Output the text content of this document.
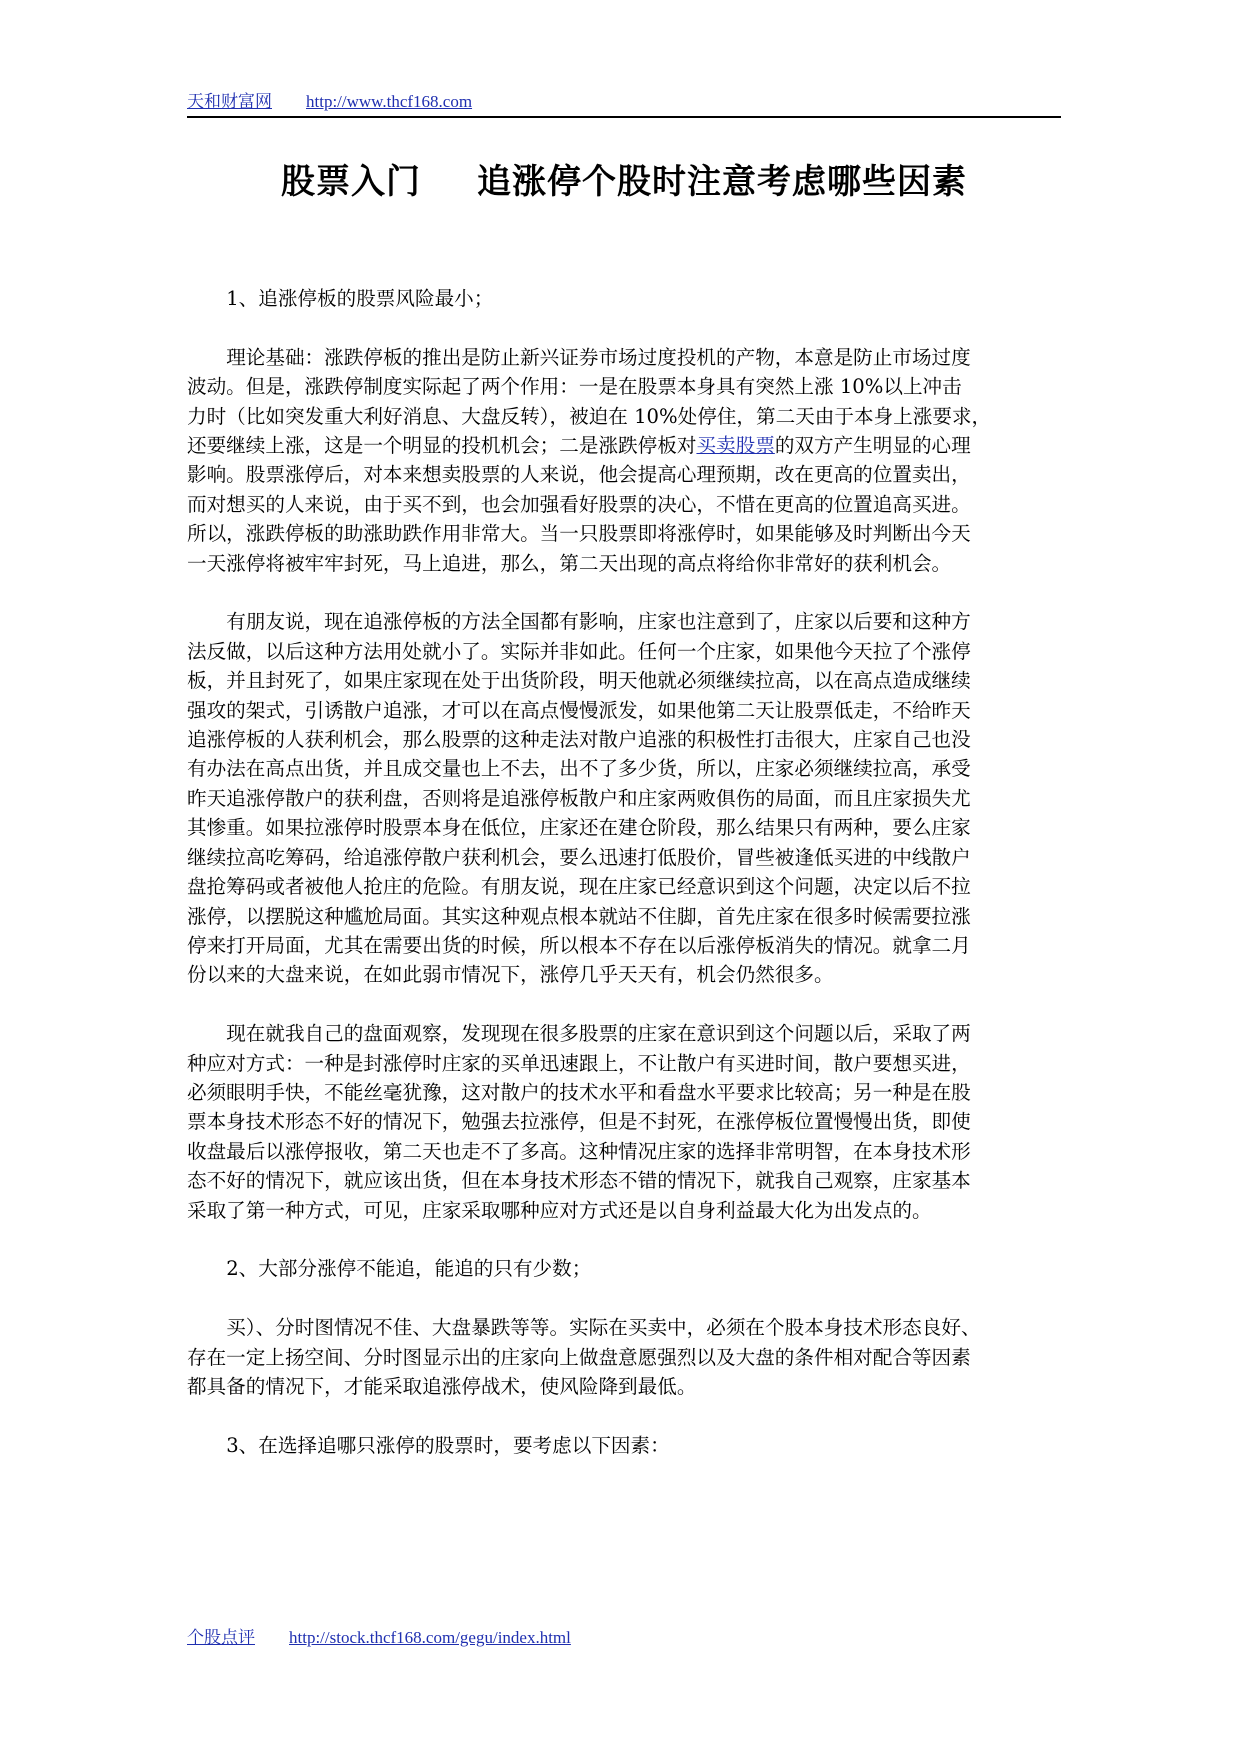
天和财富网 http://www.thcf168.com
股票入门 追涨停个股时注意考虑哪些因素

1、追涨停板的股票风险最小；

理论基础：涨跌停板的推出是防止新兴证券市场过度投机的产物，本意是防止市场过度
波动。但是，涨跌停制度实际起了两个作用：一是在股票本身具有突然上涨 10%以上冲击
力时（比如突发重大利好消息、大盘反转），被迫在 10%处停住，第二天由于本身上涨要求，
还要继续上涨，这是一个明显的投机机会；二是涨跌停板对买卖股票的双方产生明显的心理
影响。股票涨停后，对本来想卖股票的人来说，他会提高心理预期，改在更高的位置卖出，
而对想买的人来说，由于买不到，也会加强看好股票的决心，不惜在更高的位置追高买进。
所以，涨跌停板的助涨助跌作用非常大。当一只股票即将涨停时，如果能够及时判断出今天
一天涨停将被牢牢封死，马上追进，那么，第二天出现的高点将给你非常好的获利机会。

有朋友说，现在追涨停板的方法全国都有影响，庄家也注意到了，庄家以后要和这种方
法反做，以后这种方法用处就小了。实际并非如此。任何一个庄家，如果他今天拉了个涨停
板，并且封死了，如果庄家现在处于出货阶段，明天他就必须继续拉高，以在高点造成继续
强攻的架式，引诱散户追涨，才可以在高点慢慢派发，如果他第二天让股票低走，不给昨天
追涨停板的人获利机会，那么股票的这种走法对散户追涨的积极性打击很大，庄家自己也没
有办法在高点出货，并且成交量也上不去，出不了多少货，所以，庄家必须继续拉高，承受
昨天追涨停散户的获利盘，否则将是追涨停板散户和庄家两败俱伤的局面，而且庄家损失尤
其惨重。如果拉涨停时股票本身在低位，庄家还在建仓阶段，那么结果只有两种，要么庄家
继续拉高吃筹码，给追涨停散户获利机会，要么迅速打低股价，冒些被逢低买进的中线散户
盘抢筹码或者被他人抢庄的危险。有朋友说，现在庄家已经意识到这个问题，决定以后不拉
涨停，以摆脱这种尴尬局面。其实这种观点根本就站不住脚，首先庄家在很多时候需要拉涨
停来打开局面，尤其在需要出货的时候，所以根本不存在以后涨停板消失的情况。就拿二月
份以来的大盘来说，在如此弱市情况下，涨停几乎天天有，机会仍然很多。

现在就我自己的盘面观察，发现现在很多股票的庄家在意识到这个问题以后，采取了两
种应对方式：一种是封涨停时庄家的买单迅速跟上，不让散户有买进时间，散户要想买进，
必须眼明手快，不能丝毫犹豫，这对散户的技术水平和看盘水平要求比较高；另一种是在股
票本身技术形态不好的情况下，勉强去拉涨停，但是不封死，在涨停板位置慢慢出货，即使
收盘最后以涨停报收，第二天也走不了多高。这种情况庄家的选择非常明智，在本身技术形
态不好的情况下，就应该出货，但在本身技术形态不错的情况下，就我自己观察，庄家基本
采取了第一种方式，可见，庄家采取哪种应对方式还是以自身利益最大化为出发点的。

2、大部分涨停不能追，能追的只有少数；

买）、分时图情况不佳、大盘暴跌等等。实际在买卖中，必须在个股本身技术形态良好、
存在一定上扬空间、分时图显示出的庄家向上做盘意愿强烈以及大盘的条件相对配合等因素
都具备的情况下，才能采取追涨停战术，使风险降到最低。

3、在选择追哪只涨停的股票时，要考虑以下因素：

个股点评 http://stock.thcf168.com/gegu/index.html
